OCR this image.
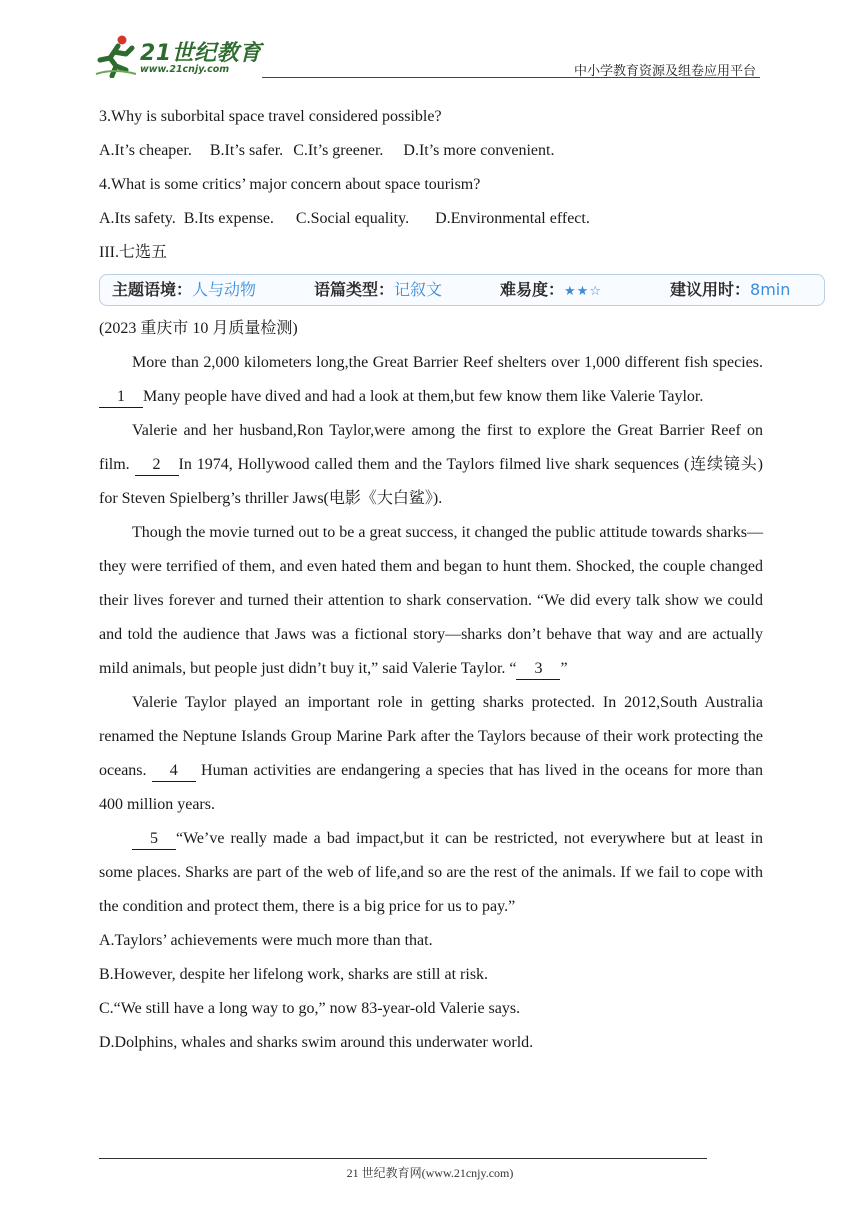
21世纪教育
www.21cnjy.com	中小学教育资源及组卷应用平台
3.Why is suborbital space travel considered possible?
A.It’s cheaper. B.It’s safer. C.It’s greener. D.It’s more convenient.
4.What is some critics’ major concern about space tourism?
A.Its safety. B.Its expense. C.Social equality. D.Environmental effect.
III.七选五
主题语境：人与动物	语篇类型：记叙文	难易度：★★☆	建议用时：8min
(2023 重庆市 10 月质量检测)

More than 2,000 kilometers long,the Great Barrier Reef shelters over 1,000 different fish species.1 Many people have dived and had a look at them,but few know them like Valerie Taylor.

Valerie and her husband,Ron Taylor,were among the first to explore the Great Barrier Reef on film. 2 In 1974, Hollywood called them and the Taylors filmed live shark sequences (连续镜头) for Steven Spielberg’s thriller Jaws(电影《大白鲨》).

Though the movie turned out to be a great success, it changed the public attitude towards sharks—they were terrified of them, and even hated them and began to hunt them. Shocked, the couple changed their lives forever and turned their attention to shark conservation. “We did every talk show we could and told the audience that Jaws was a fictional story—sharks don’t behave that way and are actually mild animals, but people just didn’t buy it,” said Valerie Taylor. “ 3 ”

Valerie Taylor played an important role in getting sharks protected. In 2012,South Australia renamed the Neptune Islands Group Marine Park after the Taylors because of their work protecting the oceans. 4 Human activities are endangering a species that has lived in the oceans for more than 400 million years.

5 “We’ve really made a bad impact,but it can be restricted, not everywhere but at least in some places. Sharks are part of the web of life,and so are the rest of the animals. If we fail to cope with the condition and protect them, there is a big price for us to pay.”

A.Taylors’ achievements were much more than that.
B.However, despite her lifelong work, sharks are still at risk.
C.“We still have a long way to go,” now 83-year-old Valerie says.
D.Dolphins, whales and sharks swim around this underwater world.
21 世纪教育网(www.21cnjy.com)
